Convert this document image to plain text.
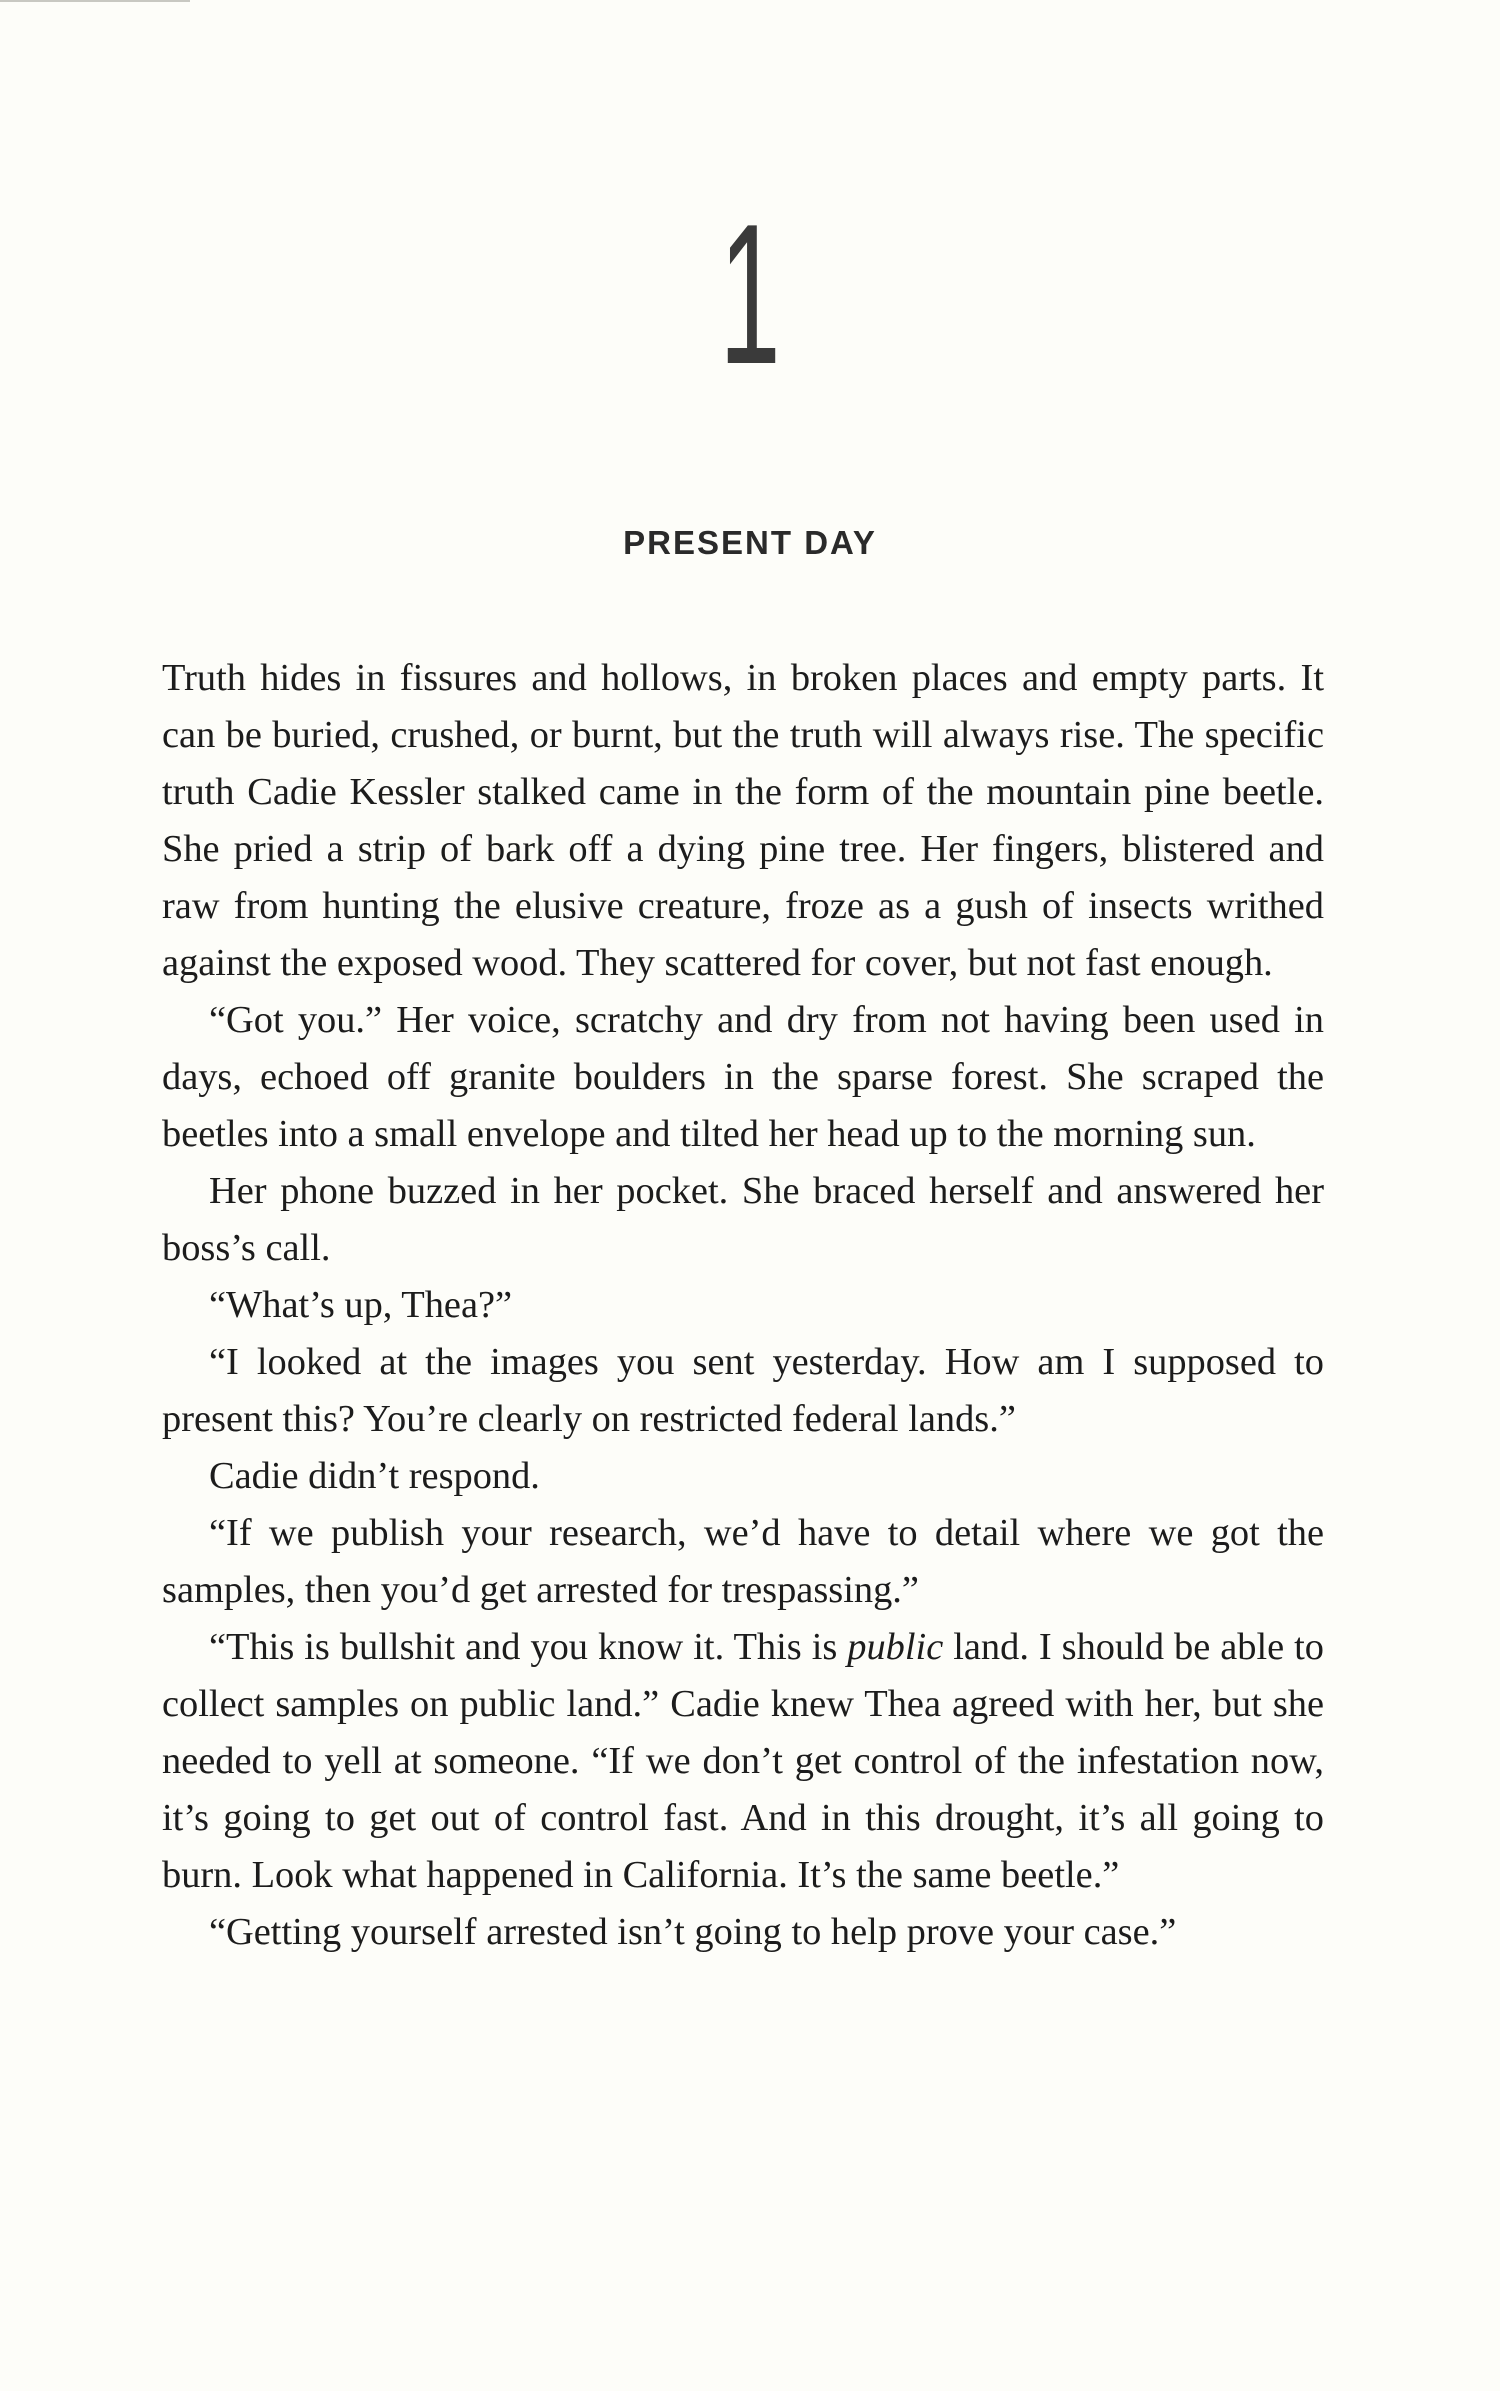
1
PRESENT DAY

Truth hides in fissures and hollows, in broken places and empty parts. It can be buried, crushed, or burnt, but the truth will always rise. The specific truth Cadie Kessler stalked came in the form of the mountain pine beetle. She pried a strip of bark off a dying pine tree. Her fingers, blistered and raw from hunting the elusive creature, froze as a gush of insects writhed against the exposed wood. They scattered for cover, but not fast enough.

“Got you.” Her voice, scratchy and dry from not having been used in days, echoed off granite boulders in the sparse forest. She scraped the beetles into a small envelope and tilted her head up to the morning sun.

Her phone buzzed in her pocket. She braced herself and answered her boss’s call.

“What’s up, Thea?”

“I looked at the images you sent yesterday. How am I supposed to present this? You’re clearly on restricted federal lands.”

Cadie didn’t respond.

“If we publish your research, we’d have to detail where we got the samples, then you’d get arrested for trespassing.”

“This is bullshit and you know it. This is public land. I should be able to collect samples on public land.” Cadie knew Thea agreed with her, but she needed to yell at someone. “If we don’t get control of the infestation now, it’s going to get out of control fast. And in this drought, it’s all going to burn. Look what happened in California. It’s the same beetle.”

“Getting yourself arrested isn’t going to help prove your case.”
